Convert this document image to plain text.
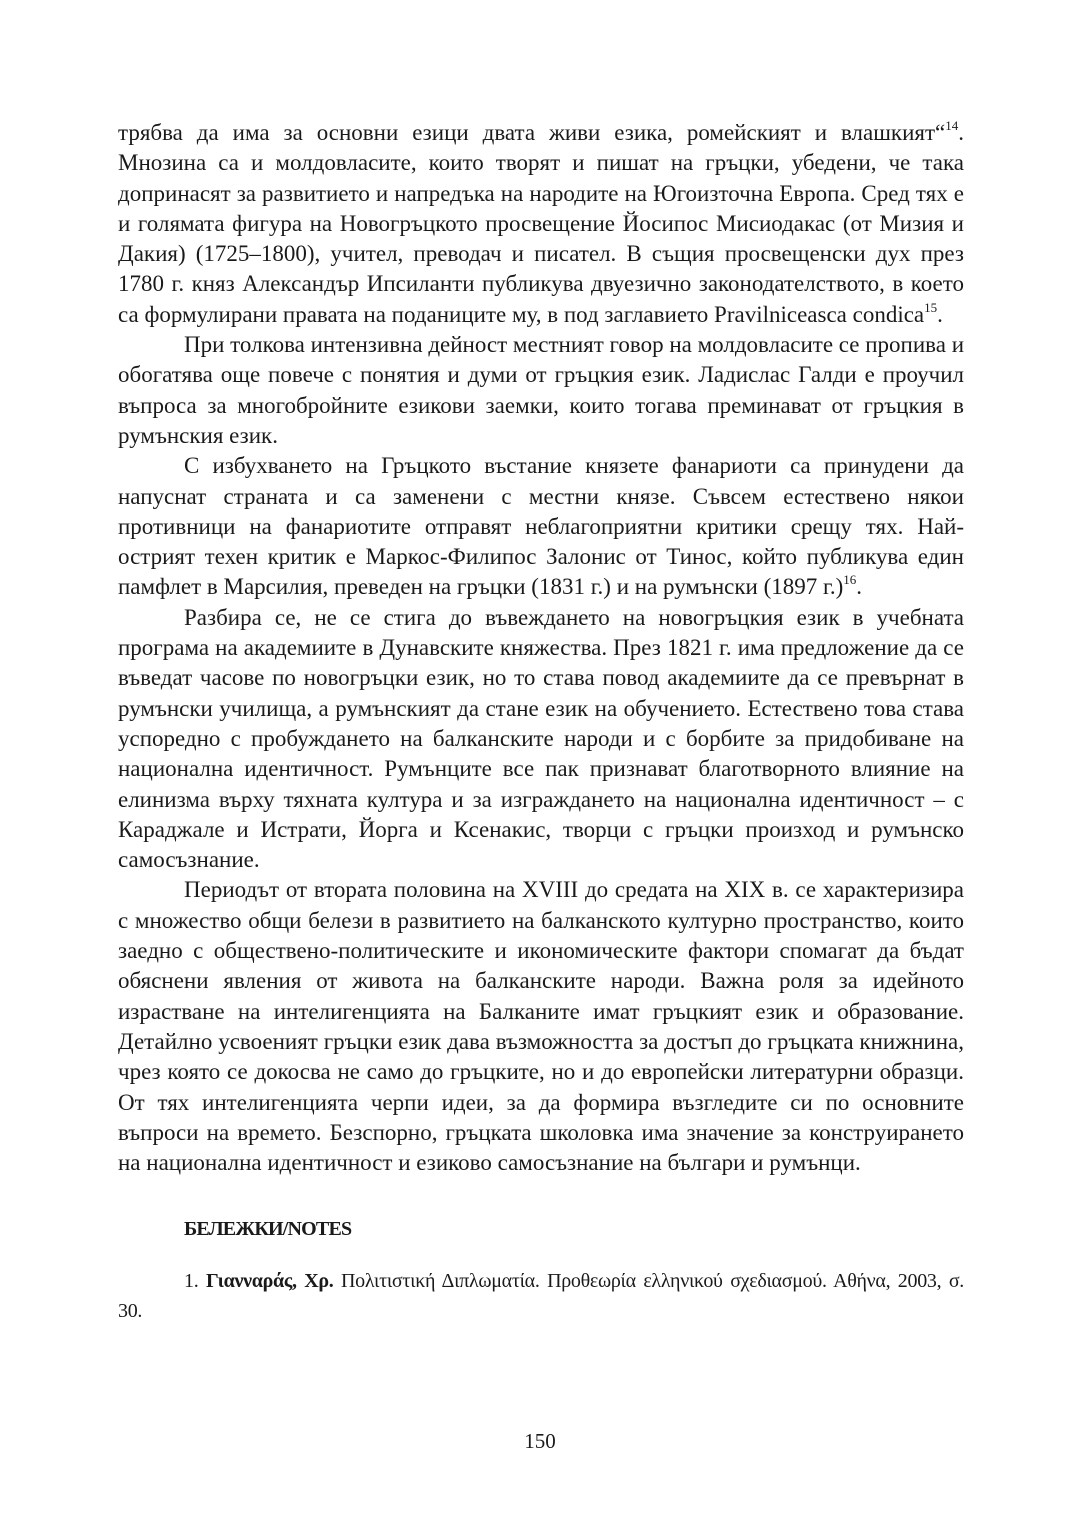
трябва да има за основни езици двата живи езика, ромейският и влашкият“$^{14}$. Мнозина са и молдовласите, които творят и пишат на гръцки, убедени, че така допринасят за развитието и напредъка на народите на Югоизточна Европа. Сред тях е и голямата фигура на Новогръцкото просвещение Йосипос Мисиодакас (от Мизия и Дакия) (1725–1800), учител, преводач и писател. В същия просвещенски дух през 1780 г. княз Александър Ипсиланти публикува двуезично законодателството, в което са формулирани правата на поданиците му, в под заглавието Pravilniceasca condica$^{15}$.

При толкова интензивна дейност местният говор на молдовласите се пропива и обогатява още повече с понятия и думи от гръцкия език. Ладислас Галди е проучил въпроса за многобройните езикови заемки, които тогава преминават от гръцкия в румънския език.

С избухването на Гръцкото въстание князете фанариоти са принудени да напуснат страната и са заменени с местни князе. Съвсем естествено някои противници на фанариотите отправят неблагоприятни критики срещу тях. Най-острият техен критик е Маркос-Филипос Залонис от Тинос, който публикува един памфлет в Марсилия, преведен на гръцки (1831 г.) и на румънски (1897 г.)$^{16}$.

Разбира се, не се стига до въвеждането на новогръцкия език в учебната програма на академиите в Дунавските княжества. През 1821 г. има предложение да се въведат часове по новогръцки език, но то става повод академиите да се превърнат в румънски училища, а румънският да стане език на обучението. Естествено това става успоредно с пробуждането на балканските народи и с борбите за придобиване на национална идентичност. Румънците все пак признават благотворното влияние на елинизма върху тяхната култура и за изграждането на национална идентичност – с Караджале и Истрати, Йорга и Ксенакис, творци с гръцки произход и румънско самосъзнание.

Периодът от втората половина на XVIII до средата на XIX в. се характеризира с множество общи белези в развитието на балканското културно пространство, които заедно с обществено-политическите и икономическите фактори спомагат да бъдат обяснени явления от живота на балканските народи. Важна роля за идейното израстване на интелигенцията на Балканите имат гръцкият език и образование. Детайлно усвоеният гръцки език дава възможността за достъп до гръцката книжнина, чрез която се докосва не само до гръцките, но и до европейски литературни образци. От тях интелигенцията черпи идеи, за да формира възгледите си по основните въпроси на времето. Безспорно, гръцката школовка има значение за конструирането на национална идентичност и езиково самосъзнание на българи и румънци.

БЕЛЕЖКИ/NOTES

1. Γιανναράς, Χρ. Πολιτιστική Διπλωματία. Προθεωρία ελληνικού σχεδιασμού. Αθήνα, 2003, σ. 30.

150
